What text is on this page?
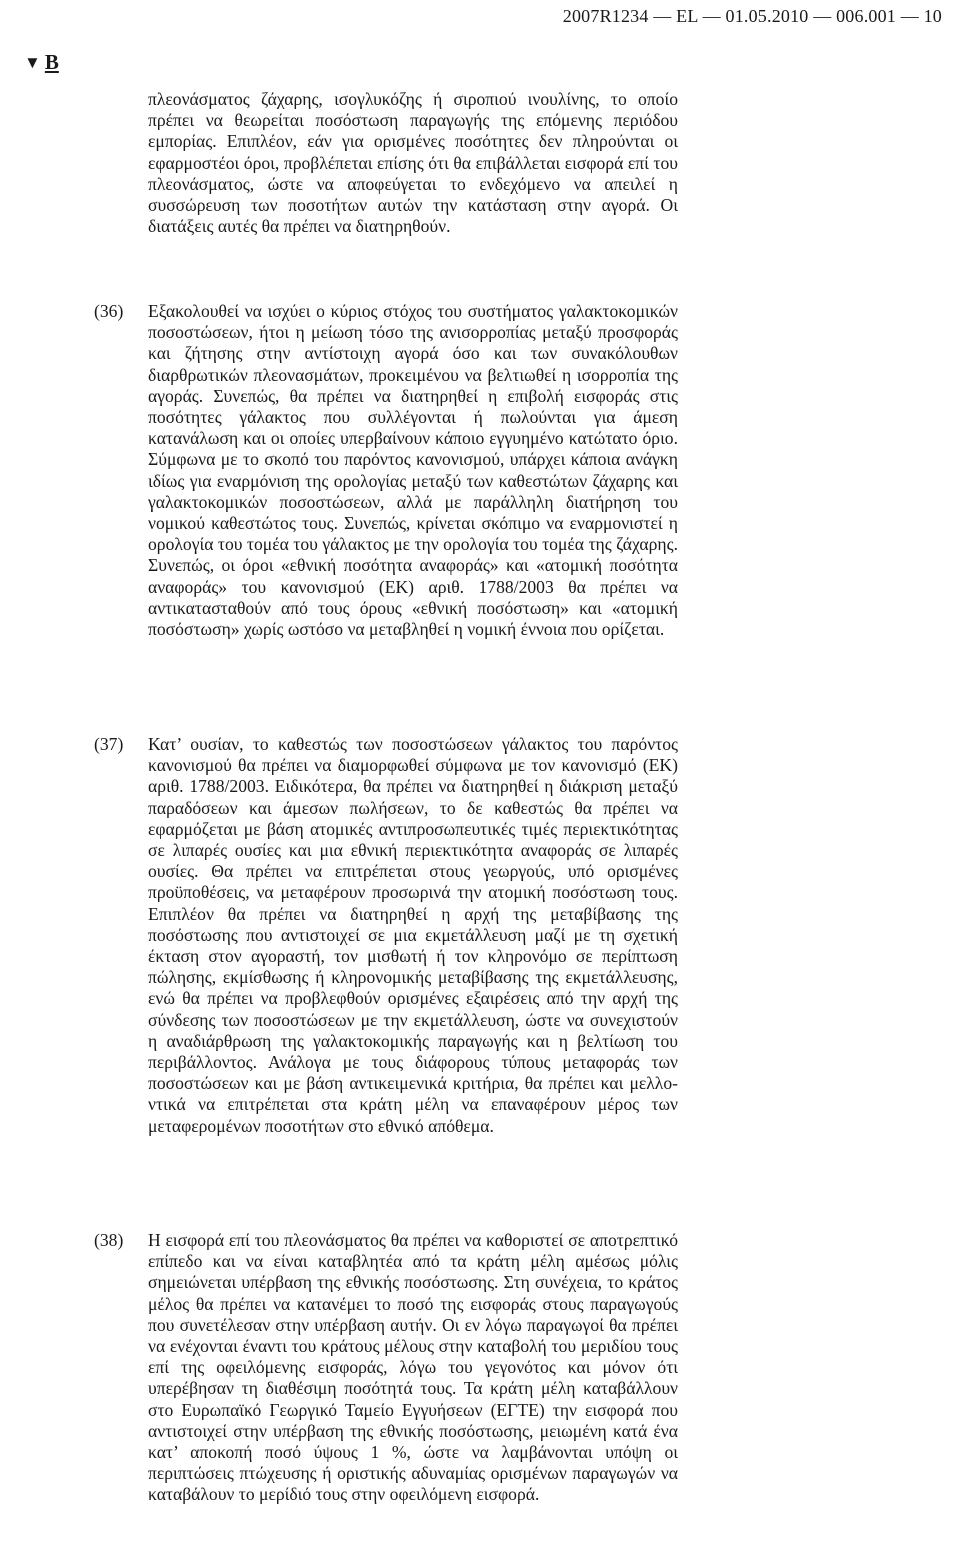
2007R1234 — EL — 01.05.2010 — 006.001 — 10
▼ B
πλεονάσματος ζάχαρης, ισογλυκόζης ή σιροπιού ινουλίνης, το οποίο πρέπει να θεωρείται ποσόστωση παραγωγής της επόμενης περιόδου εμπορίας. Επιπλέον, εάν για ορισμένες ποσότητες δεν πληρούνται οι εφαρμοστέοι όροι, προβλέπεται επίσης ότι θα επιβάλλεται εισφορά επί του πλεονάσματος, ώστε να αποφεύγεται το ενδεχόμενο να απειλεί η συσσώρευση των ποσοτήτων αυτών την κατάσταση στην αγορά. Οι διατάξεις αυτές θα πρέπει να διατηρηθούν.
(36)	Εξακολουθεί να ισχύει ο κύριος στόχος του συστήματος γαλακτοκομικών ποσοστώσεων, ήτοι η μείωση τόσο της ανισορροπίας μεταξύ προσφοράς και ζήτησης στην αντίστοιχη αγορά όσο και των συνακόλουθων διαρθρωτικών πλεονασμάτων, προκειμένου να βελτιωθεί η ισορροπία της αγοράς. Συνεπώς, θα πρέπει να διατηρηθεί η επιβολή εισφοράς στις ποσότητες γάλακτος που συλλέγονται ή πωλούνται για άμεση κατανάλωση και οι οποίες υπερβαίνουν κάποιο εγγυημένο κατώτατο όριο. Σύμφωνα με το σκοπό του παρόντος κανονισμού, υπάρχει κάποια ανάγκη ιδίως για εναρμόνιση της ορολογίας μεταξύ των καθεστώτων ζάχαρης και γαλακτοκομικών ποσοστώσεων, αλλά με παράλληλη διατήρηση του νομικού καθεστώτος τους. Συνεπώς, κρίνεται σκόπιμο να εναρμονιστεί η ορολογία του τομέα του γάλακτος με την ορολογία του τομέα της ζάχαρης. Συνεπώς, οι όροι «εθνική ποσότητα αναφοράς» και «ατομική ποσότητα αναφοράς» του κανονισμού (ΕΚ) αριθ. 1788/2003 θα πρέπει να αντικατασταθούν από τους όρους «εθνική ποσόστωση» και «ατομική ποσόστωση» χωρίς ωστόσο να μεταβληθεί η νομική έννοια που ορίζεται.
(37)	Κατ’ ουσίαν, το καθεστώς των ποσοστώσεων γάλακτος του παρόντος κανονισμού θα πρέπει να διαμορφωθεί σύμφωνα με τον κανονισμό (ΕΚ) αριθ. 1788/2003. Ειδικότερα, θα πρέπει να διατηρηθεί η διάκριση μεταξύ παραδόσεων και άμεσων πωλήσεων, το δε καθεστώς θα πρέπει να εφαρμόζεται με βάση ατομικές αντιπροσωπευτικές τιμές περιεκτικότητας σε λιπαρές ουσίες και μια εθνική περιεκτικότητα αναφοράς σε λιπαρές ουσίες. Θα πρέπει να επιτρέπεται στους γεωργούς, υπό ορισμένες προϋποθέσεις, να μεταφέρουν προσωρινά την ατομική ποσόστωση τους. Επιπλέον θα πρέπει να διατηρηθεί η αρχή της μεταβίβασης της ποσόστωσης που αντιστοιχεί σε μια εκμετάλλευση μαζί με τη σχετική έκταση στον αγοραστή, τον μισθωτή ή τον κληρονόμο σε περίπτωση πώλησης, εκμίσθωσης ή κληρονομικής μεταβίβασης της εκμετάλλευσης, ενώ θα πρέπει να προβλεφθούν ορισμένες εξαιρέσεις από την αρχή της σύνδεσης των ποσοστώσεων με την εκμετάλλευση, ώστε να συνεχιστούν η αναδιάρθρωση της γαλακτοκομικής παραγωγής και η βελτίωση του περιβάλλοντος. Ανάλογα με τους διάφορους τύπους μεταφοράς των ποσοστώσεων και με βάση αντικειμενικά κριτήρια, θα πρέπει και μελλοντικά να επιτρέπεται στα κράτη μέλη να επαναφέρουν μέρος των μεταφερομένων ποσοτήτων στο εθνικό απόθεμα.
(38)	Η εισφορά επί του πλεονάσματος θα πρέπει να καθοριστεί σε αποτρεπτικό επίπεδο και να είναι καταβλητέα από τα κράτη μέλη αμέσως μόλις σημειώνεται υπέρβαση της εθνικής ποσόστωσης. Στη συνέχεια, το κράτος μέλος θα πρέπει να κατανέμει το ποσό της εισφοράς στους παραγωγούς που συνετέλεσαν στην υπέρβαση αυτήν. Οι εν λόγω παραγωγοί θα πρέπει να ενέχονται έναντι του κράτους μέλους στην καταβολή του μεριδίου τους επί της οφειλόμενης εισφοράς, λόγω του γεγονότος και μόνον ότι υπερέβησαν τη διαθέσιμη ποσότητά τους. Τα κράτη μέλη καταβάλλουν στο Ευρωπαϊκό Γεωργικό Ταμείο Εγγυήσεων (ΕΓΤΕ) την εισφορά που αντιστοιχεί στην υπέρβαση της εθνικής ποσόστωσης, μειωμένη κατά ένα κατ’ αποκοπή ποσό ύψους 1 %, ώστε να λαμβάνονται υπόψη οι περιπτώσεις πτώχευσης ή οριστικής αδυναμίας ορισμένων παραγωγών να καταβάλουν το μερίδιό τους στην οφειλόμενη εισφορά.
